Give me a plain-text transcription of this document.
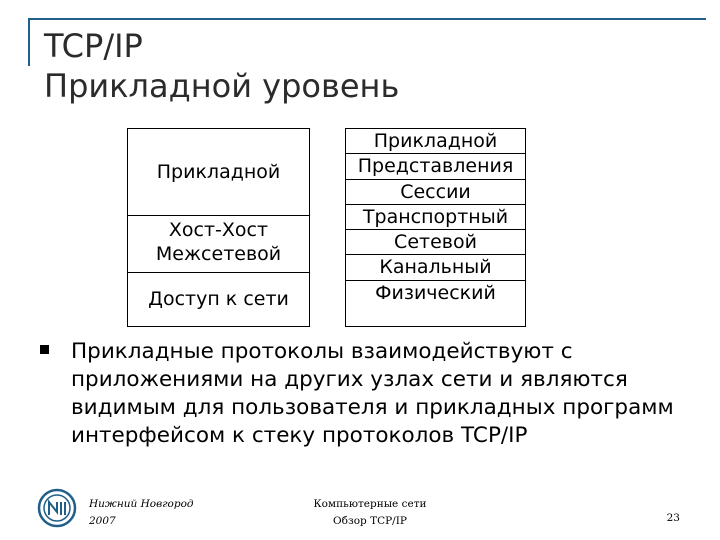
TCP/IP
Прикладной уровень
Прикладной
Хост-Хост
Межсетевой
Доступ к сети
Прикладной
Представления
Сессии
Транспортный
Сетевой
Канальный
Физический
Прикладные протоколы взаимодействуют с приложениями на других узлах сети и являются видимым для пользователя и прикладных программ интерфейсом к стеку протоколов TCP/IP
Нижний Новгород
2007
Компьютерные сети
Обзор TCP/IP	23
